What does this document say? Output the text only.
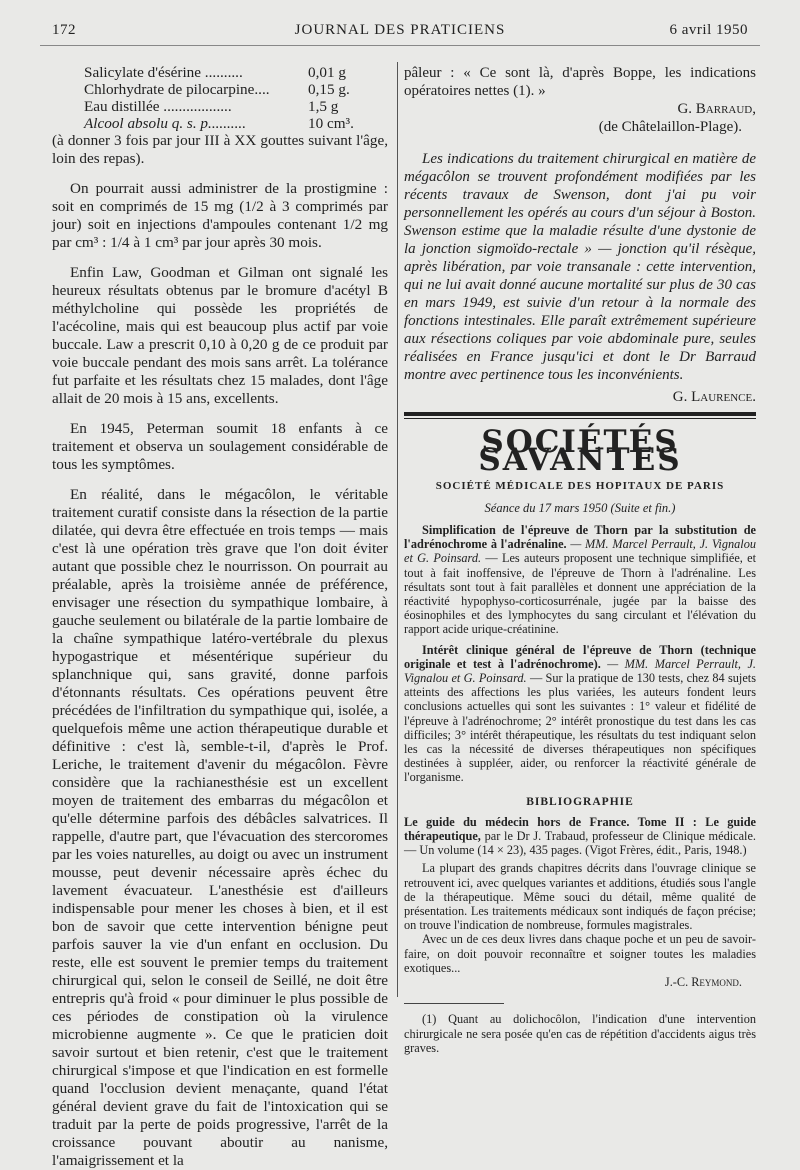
172	JOURNAL DES PRATICIENS	6 avril 1950
Salicylate d'ésérine ..........	0,01 g
Chlorhydrate de pilocarpine....	0,15 g.
Eau distillée ..................	1,5 g
Alcool absolu q. s. p..........	10 cm³.

(à donner 3 fois par jour III à XX gouttes suivant l'âge, loin des repas).

On pourrait aussi administrer de la prostigmine : soit en comprimés de 15 mg (1/2 à 3 comprimés par jour) soit en injections d'ampoules contenant 1/2 mg par cm³ : 1/4 à 1 cm³ par jour après 30 mois.

Enfin Law, Goodman et Gilman ont signalé les heureux résultats obtenus par le bromure d'acétyl B méthylcholine qui possède les propriétés de l'acécoline, mais qui est beaucoup plus actif par voie buccale. Law a prescrit 0,10 à 0,20 g de ce produit par voie buccale pendant des mois sans arrêt. La tolérance fut parfaite et les résultats chez 15 malades, dont l'âge allait de 20 mois à 15 ans, excellents.

En 1945, Peterman soumit 18 enfants à ce traitement et observa un soulagement considérable de tous les symptômes.

En réalité, dans le mégacôlon, le véritable traitement curatif consiste dans la résection de la partie dilatée, qui devra être effectuée en trois temps — mais c'est là une opération très grave que l'on doit éviter autant que possible chez le nourrisson. On pourrait au préalable, après la troisième année de préférence, envisager une résection du sympathique lombaire, à gauche seulement ou bilatérale de la partie lombaire de la chaîne sympathique latéro-vertébrale du plexus hypogastrique et mésentérique supérieur du splanchnique qui, sans gravité, donne parfois d'étonnants résultats. Ces opérations peuvent être précédées de l'infiltration du sympathique qui, isolée, a quelquefois même une action thérapeutique durable et définitive : c'est là, semble-t-il, d'après le Prof. Leriche, le traitement d'avenir du mégacôlon. Fèvre considère que la rachianesthésie est un excellent moyen de traitement des embarras du mégacôlon et qu'elle détermine parfois des débâcles salvatrices. Il rappelle, d'autre part, que l'évacuation des stercoromes par les voies naturelles, au doigt ou avec un instrument mousse, peut devenir nécessaire après échec du lavement évacuateur. L'anesthésie est d'ailleurs indispensable pour mener les choses à bien, et il est bon de savoir que cette intervention bénigne peut parfois sauver la vie d'un enfant en occlusion. Du reste, elle est souvent le premier temps du traitement chirurgical qui, selon le conseil de Seillé, ne doit être entrepris qu'à froid « pour diminuer le plus possible de ces périodes de constipation où la virulence microbienne augmente ». Ce que le praticien doit savoir surtout et bien retenir, c'est que le traitement chirurgical s'impose et que l'indication en est formelle quand l'occlusion devient menaçante, quand l'état général devient grave du fait de l'intoxication qui se traduit par la perte de poids progressive, l'arrêt de la croissance pouvant aboutir au nanisme, l'amaigrissement et la

pâleur : « Ce sont là, d'après Boppe, les indications opératoires nettes (1). »

G. Barraud,

(de Châtelaillon-Plage).

Les indications du traitement chirurgical en matière de mégacôlon se trouvent profondément modifiées par les récents travaux de Swenson, dont j'ai pu voir personnellement les opérés au cours d'un séjour à Boston. Swenson estime que la maladie résulte d'une dystonie de la jonction sigmoïdo-rectale » — jonction qu'il résèque, après libération, par voie transanale : cette intervention, qui ne lui avait donné aucune mortalité sur plus de 30 cas en mars 1949, est suivie d'un retour à la normale des fonctions intestinales. Elle paraît extrêmement supérieure aux résections coliques par voie abdominale pure, seules réalisées en France jusqu'ici et dont le Dr Barraud montre avec pertinence tous les inconvénients.

G. Laurence.

SOCIÉTÉS SAVANTES
SOCIÉTÉ MÉDICALE DES HOPITAUX DE PARIS
Séance du 17 mars 1950 (Suite et fin.)

Simplification de l'épreuve de Thorn par la substitution de l'adrénochrome à l'adrénaline. — MM. Marcel Perrault, J. Vignalou et G. Poinsard. — Les auteurs proposent une technique simplifiée, et tout à fait inoffensive, de l'épreuve de Thorn à l'adrénaline. Les résultats sont tout à fait parallèles et donnent une appréciation de la réactivité hypophyso-corticosurrénale, jugée par la baisse des éosinophiles et des lymphocytes du sang circulant et l'élévation du rapport acide urique-créatinine.

Intérêt clinique général de l'épreuve de Thorn (technique originale et test à l'adrénochrome). — MM. Marcel Perrault, J. Vignalou et G. Poinsard. — Sur la pratique de 130 tests, chez 84 sujets atteints des affections les plus variées, les auteurs fondent leurs conclusions actuelles qui sont les suivantes : 1° valeur et fidélité de l'épreuve à l'adrénochrome; 2° intérêt pronostique du test dans les cas difficiles; 3° intérêt thérapeutique, les résultats du test indiquant selon les cas la nécessité de diverses thérapeutiques non spécifiques destinées à suppléer, aider, ou renforcer la réactivité générale de l'organisme.

BIBLIOGRAPHIE

Le guide du médecin hors de France. Tome II : Le guide thérapeutique, par le Dr J. Trabaud, professeur de Clinique médicale. — Un volume (14 × 23), 435 pages. (Vigot Frères, édit., Paris, 1948.)

La plupart des grands chapitres décrits dans l'ouvrage clinique se retrouvent ici, avec quelques variantes et additions, étudiés sous l'angle de la thérapeutique. Même souci du détail, même qualité de présentation. Les traitements médicaux sont indiqués de façon précise; on trouve l'indication de nombreuse, formules magistrales.

Avec un de ces deux livres dans chaque poche et un peu de savoir-faire, on doit pouvoir reconnaître et soigner toutes les maladies exotiques...

J.-C. Reymond.

(1) Quant au dolichocôlon, l'indication d'une intervention chirurgicale ne sera posée qu'en cas de répétition d'accidents aigus très graves.
